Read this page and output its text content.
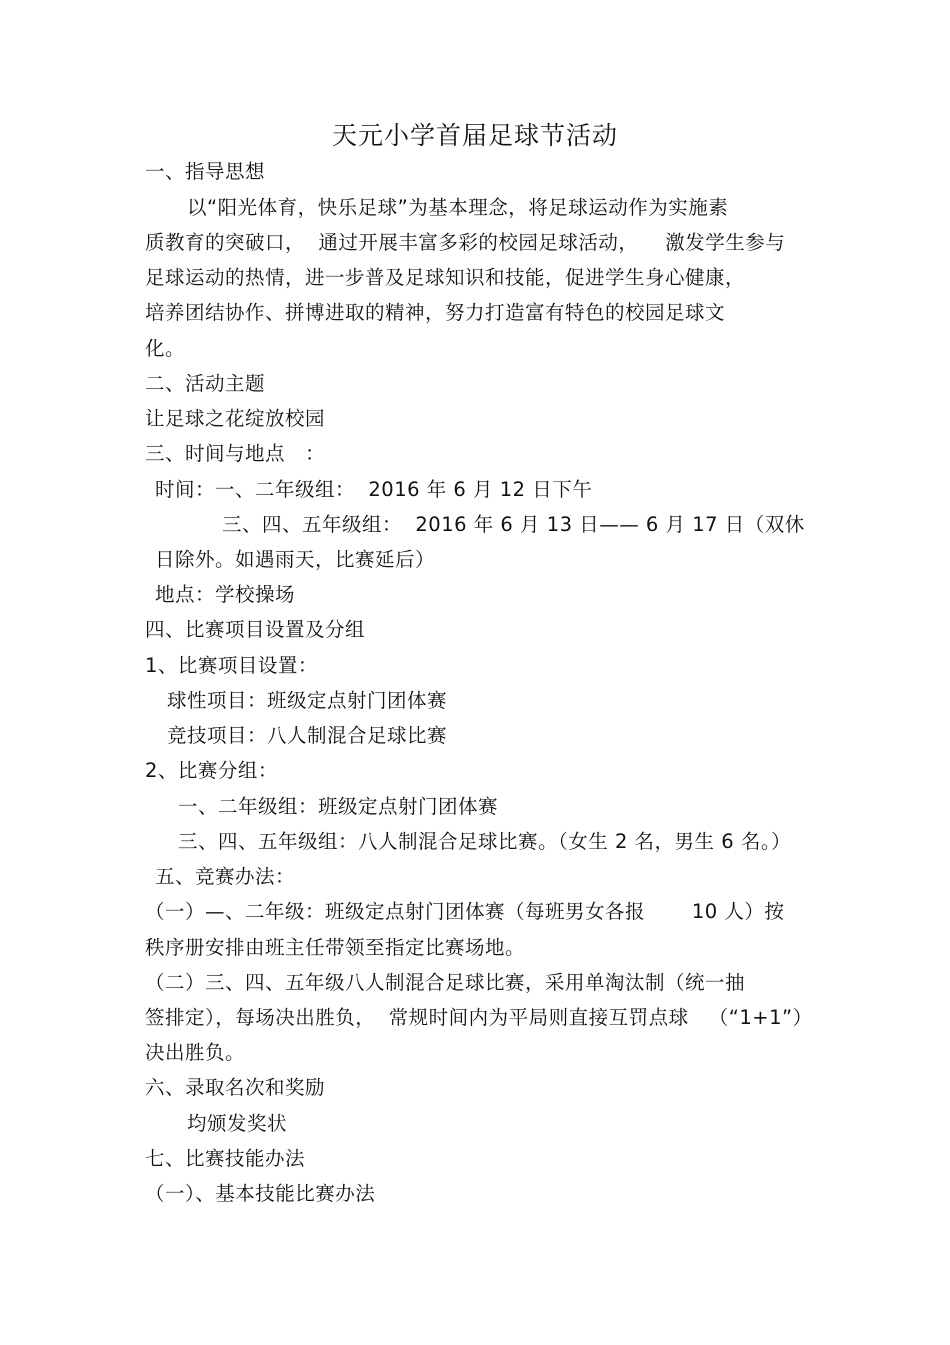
天元小学首届足球节活动
一、指导思想
以“阳光体育，快乐足球”为基本理念，将足球运动作为实施素
质教育的突破口，  通过开展丰富多彩的校园足球活动，    激发学生参与
足球运动的热情，进一步普及足球知识和技能，促进学生身心健康，
培养团结协作、拼博进取的精神，努力打造富有特色的校园足球文
化。
二、活动主题
让足球之花绽放校园
三、时间与地点   ：
时间：一、二年级组：  2016 年 6 月 12 日下午
三、四、五年级组：  2016 年 6 月 13 日—— 6 月 17 日（双休
日除外。如遇雨天，比赛延后）
地点：学校操场
四、比赛项目设置及分组
1、比赛项目设置：
球性项目：班级定点射门团体赛
竞技项目：八人制混合足球比赛
2、比赛分组：
一、二年级组：班级定点射门团体赛
三、四、五年级组：八人制混合足球比赛。（女生 2 名，男生 6 名。）
五、竞赛办法：
（一）—、二年级：班级定点射门团体赛（每班男女各报       10 人）按
秩序册安排由班主任带领至指定比赛场地。
（二）三、四、五年级八人制混合足球比赛，采用单淘汰制（统一抽
签排定），每场决出胜负，  常规时间内为平局则直接互罚点球   （“1+1”）
决出胜负。
六、录取名次和奖励
均颁发奖状
七、比赛技能办法
（一）、基本技能比赛办法
